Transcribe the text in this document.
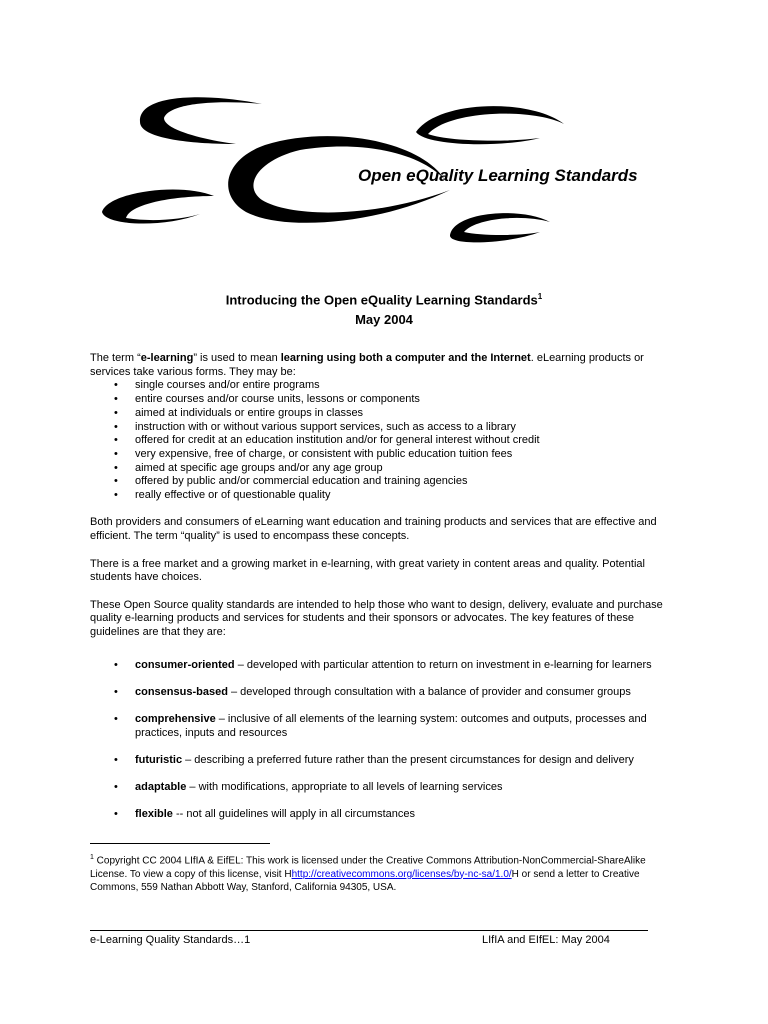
Open eQuality Learning Standards
Introducing the Open eQuality Learning Standards$^1$
May 2004

The term “e-learning” is used to mean learning using both a computer and the Internet. eLearning products or services take various forms. They may be:

• single courses and/or entire programs
• entire courses and/or course units, lessons or components
• aimed at individuals or entire groups in classes
• instruction with or without various support services, such as access to a library
• offered for credit at an education institution and/or for general interest without credit
• very expensive, free of charge, or consistent with public education tuition fees
• aimed at specific age groups and/or any age group
• offered by public and/or commercial education and training agencies
• really effective or of questionable quality

Both providers and consumers of eLearning want education and training products and services that are effective and efficient. The term “quality” is used to encompass these concepts.

There is a free market and a growing market in e-learning, with great variety in content areas and quality. Potential students have choices.

These Open Source quality standards are intended to help those who want to design, delivery, evaluate and purchase quality e-learning products and services for students and their sponsors or advocates. The key features of these guidelines are that they are:

• consumer-oriented – developed with particular attention to return on investment in e-learning for learners
• consensus-based – developed through consultation with a balance of provider and consumer groups
• comprehensive – inclusive of all elements of the learning system: outcomes and outputs, processes and practices, inputs and resources
• futuristic – describing a preferred future rather than the present circumstances for design and delivery
• adaptable – with modifications, appropriate to all levels of learning services
• flexible -- not all guidelines will apply in all circumstances
$^1$ Copyright CC 2004 LIfIA & EifEL: This work is licensed under the Creative Commons Attribution-NonCommercial-ShareAlike License. To view a copy of this license, visit Hhttp://creativecommons.org/licenses/by-nc-sa/1.0/H or send a letter to Creative Commons, 559 Nathan Abbott Way, Stanford, California 94305, USA.
e-Learning Quality Standards…1	LIfIA and EIfEL: May 2004
